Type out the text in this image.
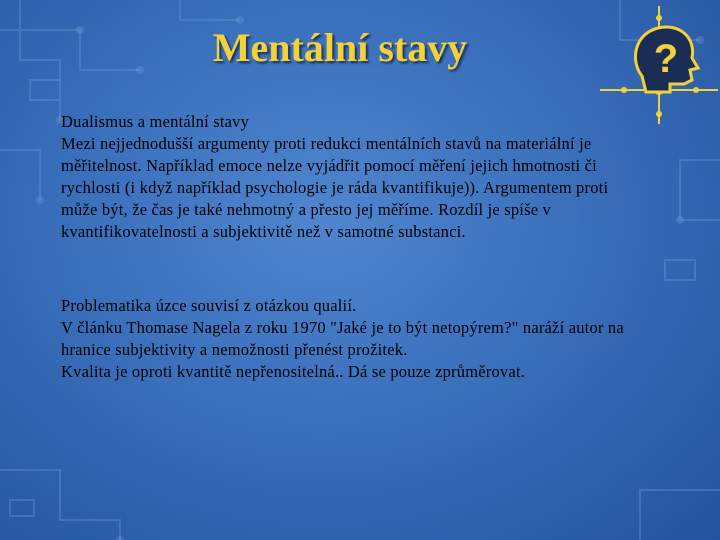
Mentální stavy	?

Dualismus a mentální stavy

Mezi nejjednodušší argumenty proti redukci mentálních stavů na materiální je měřitelnost. Například emoce nelze vyjádřit pomocí měření jejich hmotnosti či rychlosti (i když například psychologie je ráda kvantifikuje)). Argumentem proti může být, že čas je také nehmotný a přesto jej měříme. Rozdíl je spíše v kvantifikovatelnosti a subjektivitě než v samotné substanci.

Problematika úzce souvisí z otázkou qualií.

V článku Thomase Nagela z roku 1970 "Jaké je to být netopýrem?" naráží autor na hranice subjektivity a nemožnosti přenést prožitek.

Kvalita je oproti kvantitě nepřenositelná.. Dá se pouze zprůměrovat.
